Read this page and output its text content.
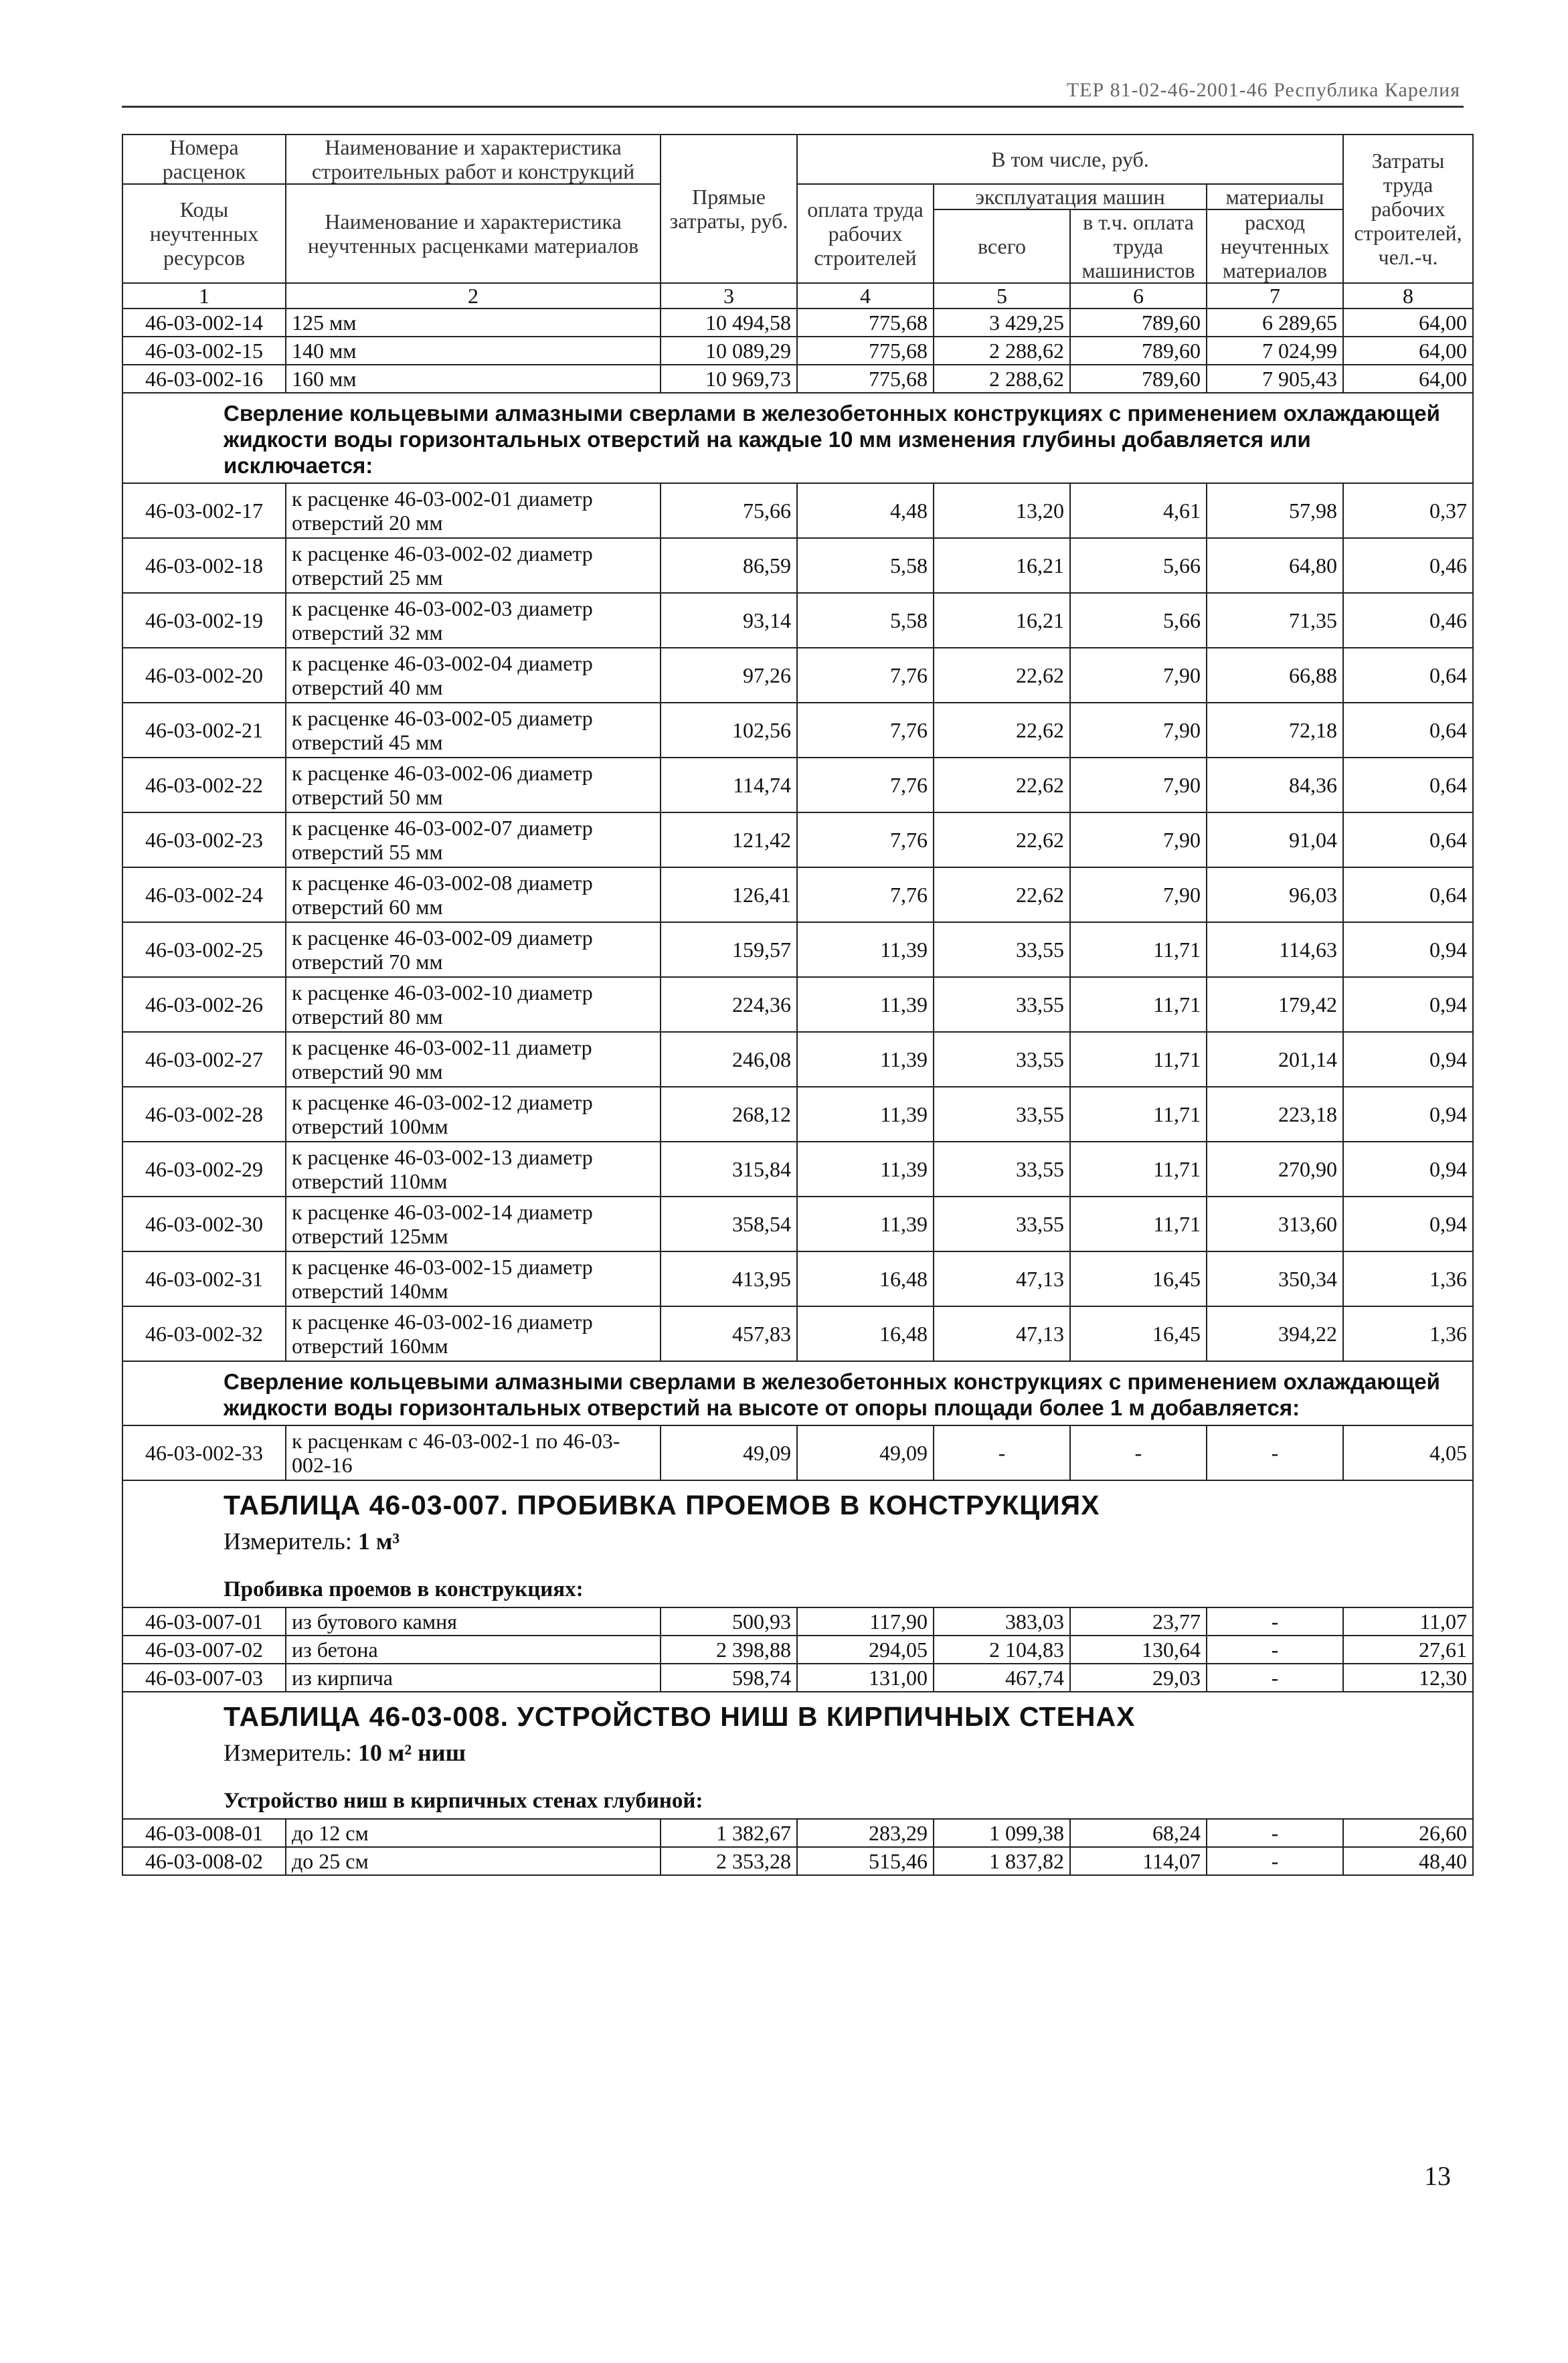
ТЕР 81-02-46-2001-46 Республика Карелия
Номера расценок	Наименование и характеристика строительных работ и конструкций	Прямые затраты, руб.	В том числе, руб.				Затраты труда рабочих строителей, чел.-ч.
Коды неучтенных ресурсов	Наименование и характеристика неучтенных расценками материалов		оплата труда рабочих строителей	эксплуатация машин		материалы	
				всего	в т.ч. оплата труда машинистов	расход неучтенных материалов	

1	2	3	4	5	6	7	8
46-03-002-14	125 мм	10 494,58	775,68	3 429,25	789,60	6 289,65	64,00
46-03-002-15	140 мм	10 089,29	775,68	2 288,62	789,60	7 024,99	64,00
46-03-002-16	160 мм	10 969,73	775,68	2 288,62	789,60	7 905,43	64,00

Сверление кольцевыми алмазными сверлами в железобетонных конструкциях с применением охлаждающей жидкости воды горизонтальных отверстий на каждые 10 мм изменения глубины добавляется или исключается:							

46-03-002-17	к расценке 46-03-002-01 диаметр отверстий 20 мм	75,66	4,48	13,20	4,61	57,98	0,37
46-03-002-18	к расценке 46-03-002-02 диаметр отверстий 25 мм	86,59	5,58	16,21	5,66	64,80	0,46
46-03-002-19	к расценке 46-03-002-03 диаметр отверстий 32 мм	93,14	5,58	16,21	5,66	71,35	0,46
46-03-002-20	к расценке 46-03-002-04 диаметр отверстий 40 мм	97,26	7,76	22,62	7,90	66,88	0,64
46-03-002-21	к расценке 46-03-002-05 диаметр отверстий 45 мм	102,56	7,76	22,62	7,90	72,18	0,64
46-03-002-22	к расценке 46-03-002-06 диаметр отверстий 50 мм	114,74	7,76	22,62	7,90	84,36	0,64
46-03-002-23	к расценке 46-03-002-07 диаметр отверстий 55 мм	121,42	7,76	22,62	7,90	91,04	0,64
46-03-002-24	к расценке 46-03-002-08 диаметр отверстий 60 мм	126,41	7,76	22,62	7,90	96,03	0,64
46-03-002-25	к расценке 46-03-002-09 диаметр отверстий 70 мм	159,57	11,39	33,55	11,71	114,63	0,94
46-03-002-26	к расценке 46-03-002-10 диаметр отверстий 80 мм	224,36	11,39	33,55	11,71	179,42	0,94
46-03-002-27	к расценке 46-03-002-11 диаметр отверстий 90 мм	246,08	11,39	33,55	11,71	201,14	0,94
46-03-002-28	к расценке 46-03-002-12 диаметр отверстий 100мм	268,12	11,39	33,55	11,71	223,18	0,94
46-03-002-29	к расценке 46-03-002-13 диаметр отверстий 110мм	315,84	11,39	33,55	11,71	270,90	0,94
46-03-002-30	к расценке 46-03-002-14 диаметр отверстий 125мм	358,54	11,39	33,55	11,71	313,60	0,94
46-03-002-31	к расценке 46-03-002-15 диаметр отверстий 140мм	413,95	16,48	47,13	16,45	350,34	1,36
46-03-002-32	к расценке 46-03-002-16 диаметр отверстий 160мм	457,83	16,48	47,13	16,45	394,22	1,36

Сверление кольцевыми алмазными сверлами в железобетонных конструкциях с применением охлаждающей жидкости воды горизонтальных отверстий на высоте от опоры площади более 1 м добавляется:							

46-03-002-33	к расценкам с 46-03-002-1 по 46-03-002-16	49,09	49,09	-	-	-	4,05

ТАБЛИЦА 46-03-007. ПРОБИВКА ПРОЕМОВ В КОНСТРУКЦИЯХ
Измеритель: 1 м³
Пробивка проемов в конструкциях:							

46-03-007-01	из бутового камня	500,93	117,90	383,03	23,77	-	11,07
46-03-007-02	из бетона	2 398,88	294,05	2 104,83	130,64	-	27,61
46-03-007-03	из кирпича	598,74	131,00	467,74	29,03	-	12,30

ТАБЛИЦА 46-03-008. УСТРОЙСТВО НИШ В КИРПИЧНЫХ СТЕНАХ
Измеритель: 10 м² ниш
Устройство ниш в кирпичных стенах глубиной:							

46-03-008-01	до 12 см	1 382,67	283,29	1 099,38	68,24	-	26,60
46-03-008-02	до 25 см	2 353,28	515,46	1 837,82	114,07	-	48,40
13
